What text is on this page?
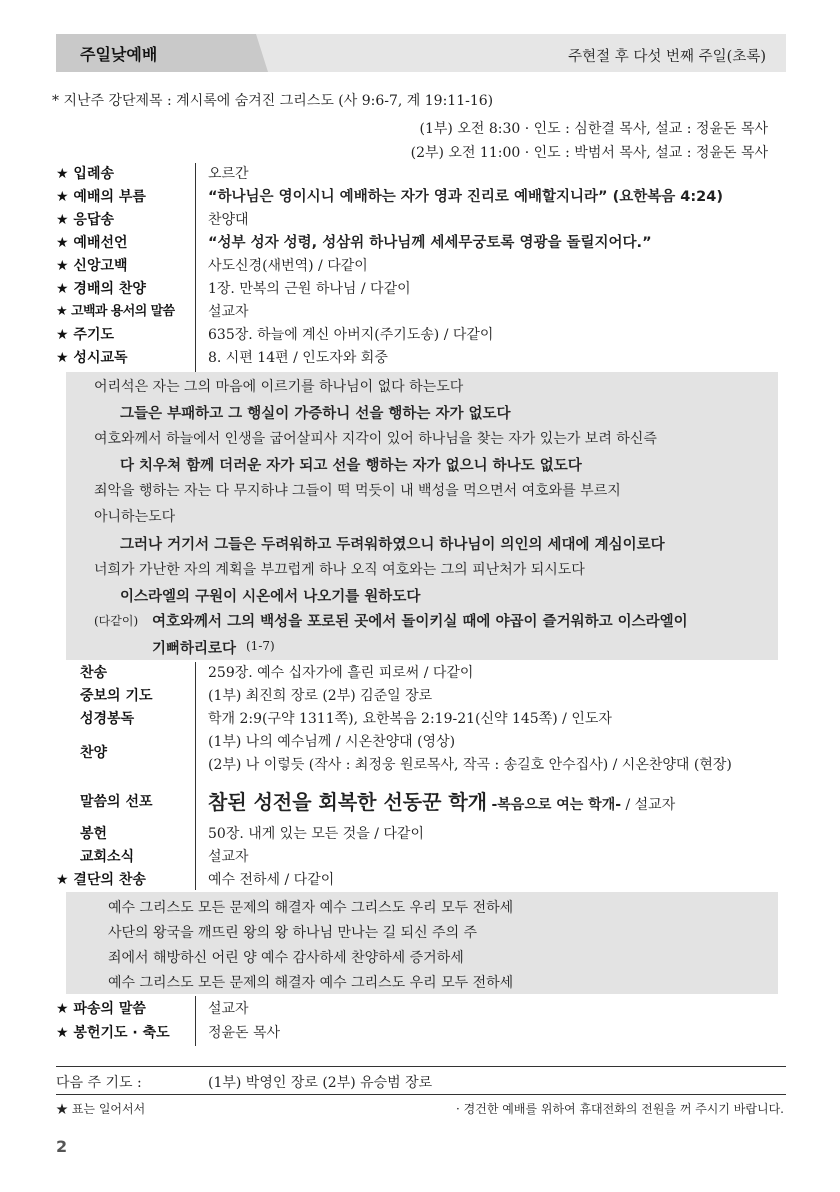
주일낮예배	주현절 후 다섯 번째 주일(초록)
* 지난주 강단제목 : 계시록에 숨겨진 그리스도 (사 9:6-7, 계 19:11-16)
(1부) 오전 8:30 · 인도 : 심한결 목사, 설교 : 정윤돈 목사
(2부) 오전 11:00 · 인도 : 박범서 목사, 설교 : 정윤돈 목사
★ 입례송	오르간
★ 예배의 부름	“하나님은 영이시니 예배하는 자가 영과 진리로 예배할지니라” (요한복음 4:24)
★ 응답송	찬양대
★ 예배선언	“성부 성자 성령, 성삼위 하나님께 세세무궁토록 영광을 돌릴지어다.”
★ 신앙고백	사도신경(새번역) / 다같이
★ 경배의 찬양	1장. 만복의 근원 하나님 / 다같이
★ 고백과 용서의 말씀	설교자
★ 주기도	635장. 하늘에 계신 아버지(주기도송) / 다같이
★ 성시교독	8. 시편 14편 / 인도자와 회중
어리석은 자는 그의 마음에 이르기를 하나님이 없다 하는도다
그들은 부패하고 그 행실이 가증하니 선을 행하는 자가 없도다
여호와께서 하늘에서 인생을 굽어살피사 지각이 있어 하나님을 찾는 자가 있는가 보려 하신즉
다 치우쳐 함께 더러운 자가 되고 선을 행하는 자가 없으니 하나도 없도다
죄악을 행하는 자는 다 무지하냐 그들이 떡 먹듯이 내 백성을 먹으면서 여호와를 부르지
아니하는도다
그러나 거기서 그들은 두려워하고 두려워하였으니 하나님이 의인의 세대에 계심이로다
너희가 가난한 자의 계획을 부끄럽게 하나 오직 여호와는 그의 피난처가 되시도다
이스라엘의 구원이 시온에서 나오기를 원하도다
(다같이) 여호와께서 그의 백성을 포로된 곳에서 돌이키실 때에 야곱이 즐거워하고 이스라엘이
기뻐하리로다 (1-7)
찬송	259장. 예수 십자가에 흘린 피로써 / 다같이
중보의 기도	(1부) 최진희 장로 (2부) 김준일 장로
성경봉독	학개 2:9(구약 1311쪽), 요한복음 2:19-21(신약 145쪽) / 인도자
찬양
(1부) 나의 예수님께 / 시온찬양대 (영상)
(2부) 나 이렇듯 (작사 : 최정웅 원로목사, 작곡 : 송길호 안수집사) / 시온찬양대 (현장)
말씀의 선포	참된 성전을 회복한 선동꾼 학개 -복음으로 여는 학개- / 설교자
봉헌	50장. 내게 있는 모든 것을 / 다같이
교회소식	설교자
★ 결단의 찬송	예수 전하세 / 다같이
예수 그리스도 모든 문제의 해결자 예수 그리스도 우리 모두 전하세
사단의 왕국을 깨뜨린 왕의 왕 하나님 만나는 길 되신 주의 주
죄에서 해방하신 어린 양 예수 감사하세 찬양하세 증거하세
예수 그리스도 모든 문제의 해결자 예수 그리스도 우리 모두 전하세
★ 파송의 말씀	설교자
★ 봉헌기도 · 축도	정윤돈 목사
다음 주 기도 :	(1부) 박영인 장로 (2부) 유승범 장로
★ 표는 일어서서	· 경건한 예배를 위하여 휴대전화의 전원을 꺼 주시기 바랍니다.
2
